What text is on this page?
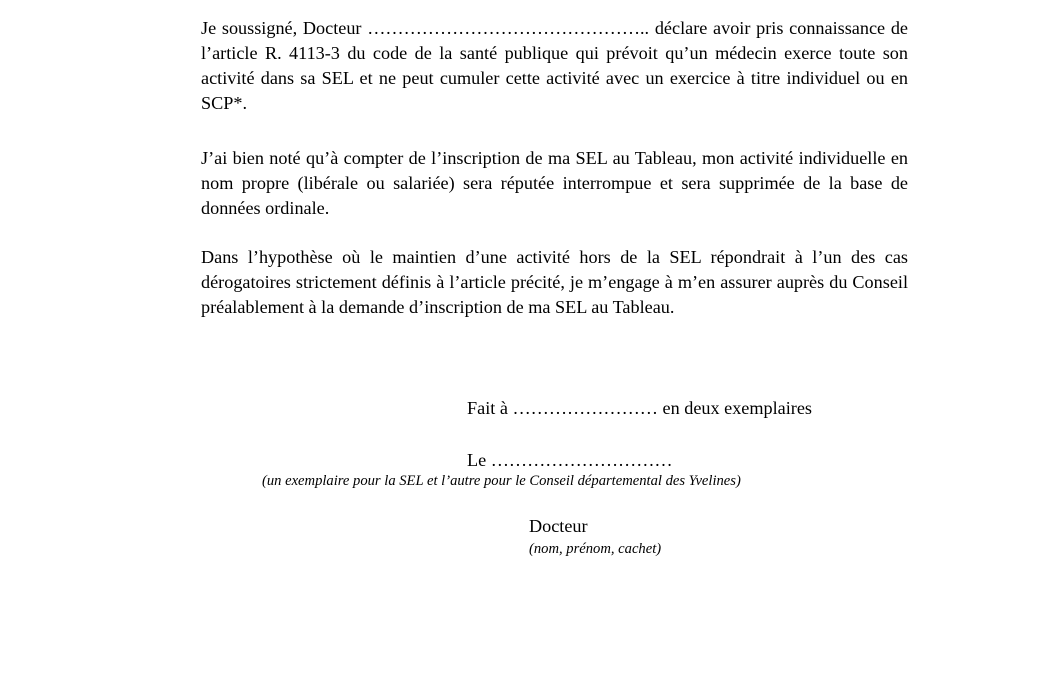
Je soussigné, Docteur ……………………………………….. déclare avoir pris connaissance de l’article R. 4113-3 du code de la santé publique qui prévoit qu’un médecin exerce toute son activité dans sa SEL et ne peut cumuler cette activité avec un exercice à titre individuel ou en SCP*.

J’ai bien noté qu’à compter de l’inscription de ma SEL au Tableau, mon activité individuelle en nom propre (libérale ou salariée) sera réputée interrompue et sera supprimée de la base de données ordinale.

Dans l’hypothèse où le maintien d’une activité hors de la SEL répondrait à l’un des cas dérogatoires strictement définis à l’article précité, je m’engage à m’en assurer auprès du Conseil préalablement à la demande d’inscription de ma SEL au Tableau.

Fait à …………………… en deux exemplaires

Le …………………………

(un exemplaire pour la SEL et l’autre pour le Conseil départemental des Yvelines)

Docteur

(nom, prénom, cachet)
